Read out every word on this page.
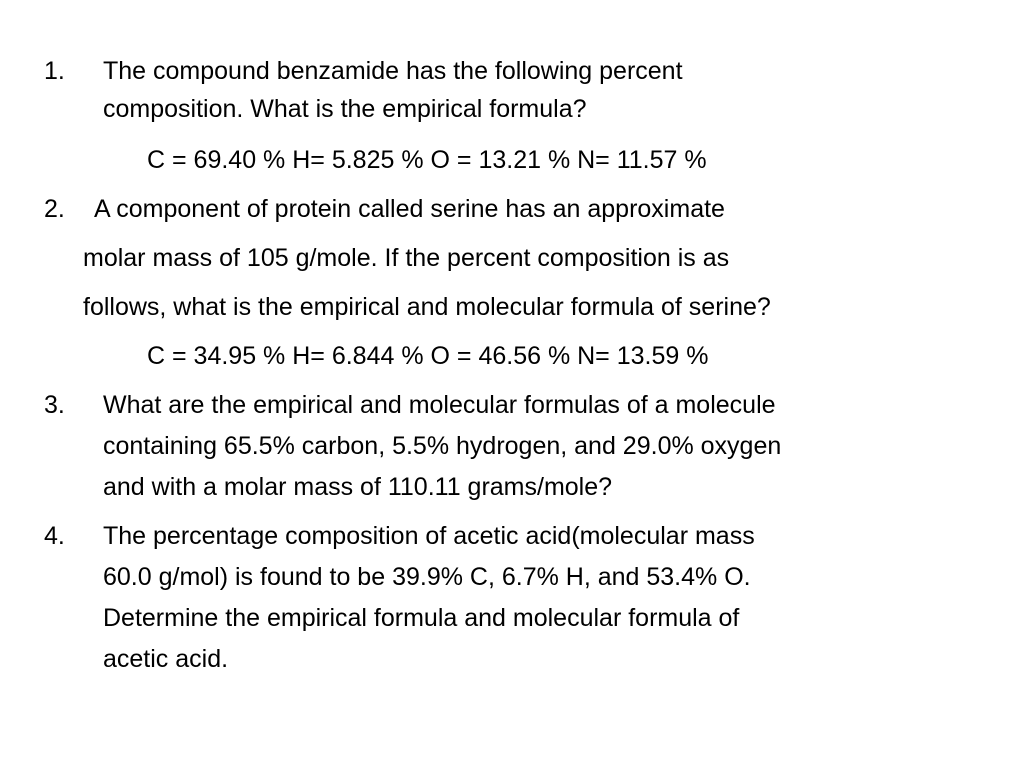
1. The compound benzamide has the following percent
composition. What is the empirical formula?
C = 69.40 % H= 5.825 % O = 13.21 % N= 11.57 %
2. A component of protein called serine has an approximate
molar mass of 105 g/mole. If the percent composition is as
follows, what is the empirical and molecular formula of serine?
C = 34.95 % H= 6.844 % O = 46.56 % N= 13.59 %
3. What are the empirical and molecular formulas of a molecule
containing 65.5% carbon, 5.5% hydrogen, and 29.0% oxygen
and with a molar mass of 110.11 grams/mole?
4. The percentage composition of acetic acid(molecular mass
60.0 g/mol) is found to be 39.9% C, 6.7% H, and 53.4% O.
Determine the empirical formula and molecular formula of
acetic acid.
